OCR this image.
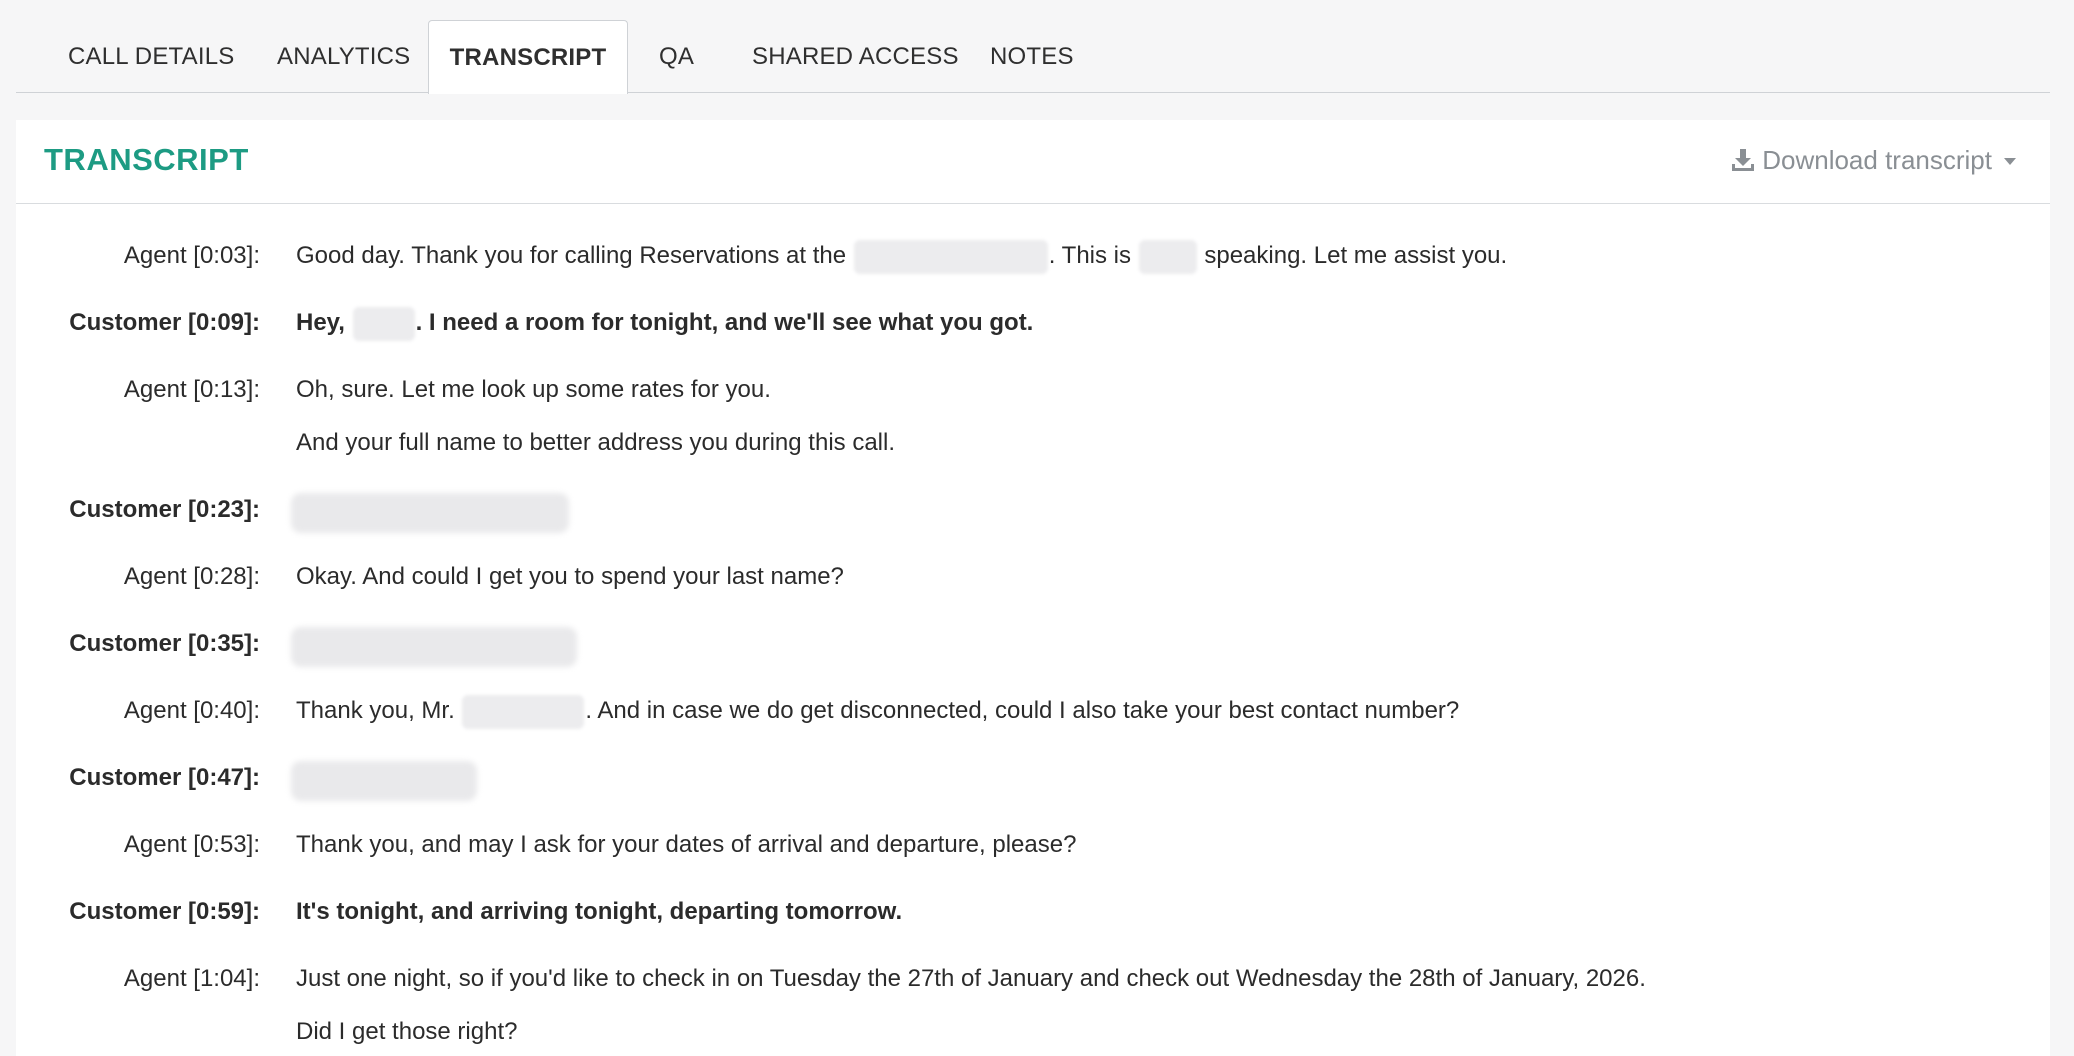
CALL DETAILS ANALYTICS	TRANSCRIPT	QA SHARED ACCESS NOTES
TRANSCRIPT	Download transcript
Agent [0:03]: Good day. Thank you for calling Reservations at the	. This is	speaking. Let me assist you.
Customer [0:09]: Hey,	. I need a room for tonight, and we'll see what you got.
Agent [0:13]: Oh, sure. Let me look up some rates for you.
And your full name to better address you during this call.
Customer [0:23]:
Agent [0:28]: Okay. And could I get you to spend your last name?
Customer [0:35]:
Agent [0:40]: Thank you, Mr.	. And in case we do get disconnected, could I also take your best contact number?
Customer [0:47]:
Agent [0:53]: Thank you, and may I ask for your dates of arrival and departure, please?
Customer [0:59]: It's tonight, and arriving tonight, departing tomorrow.
Agent [1:04]: Just one night, so if you'd like to check in on Tuesday the 27th of January and check out Wednesday the 28th of January, 2026.
Did I get those right?
